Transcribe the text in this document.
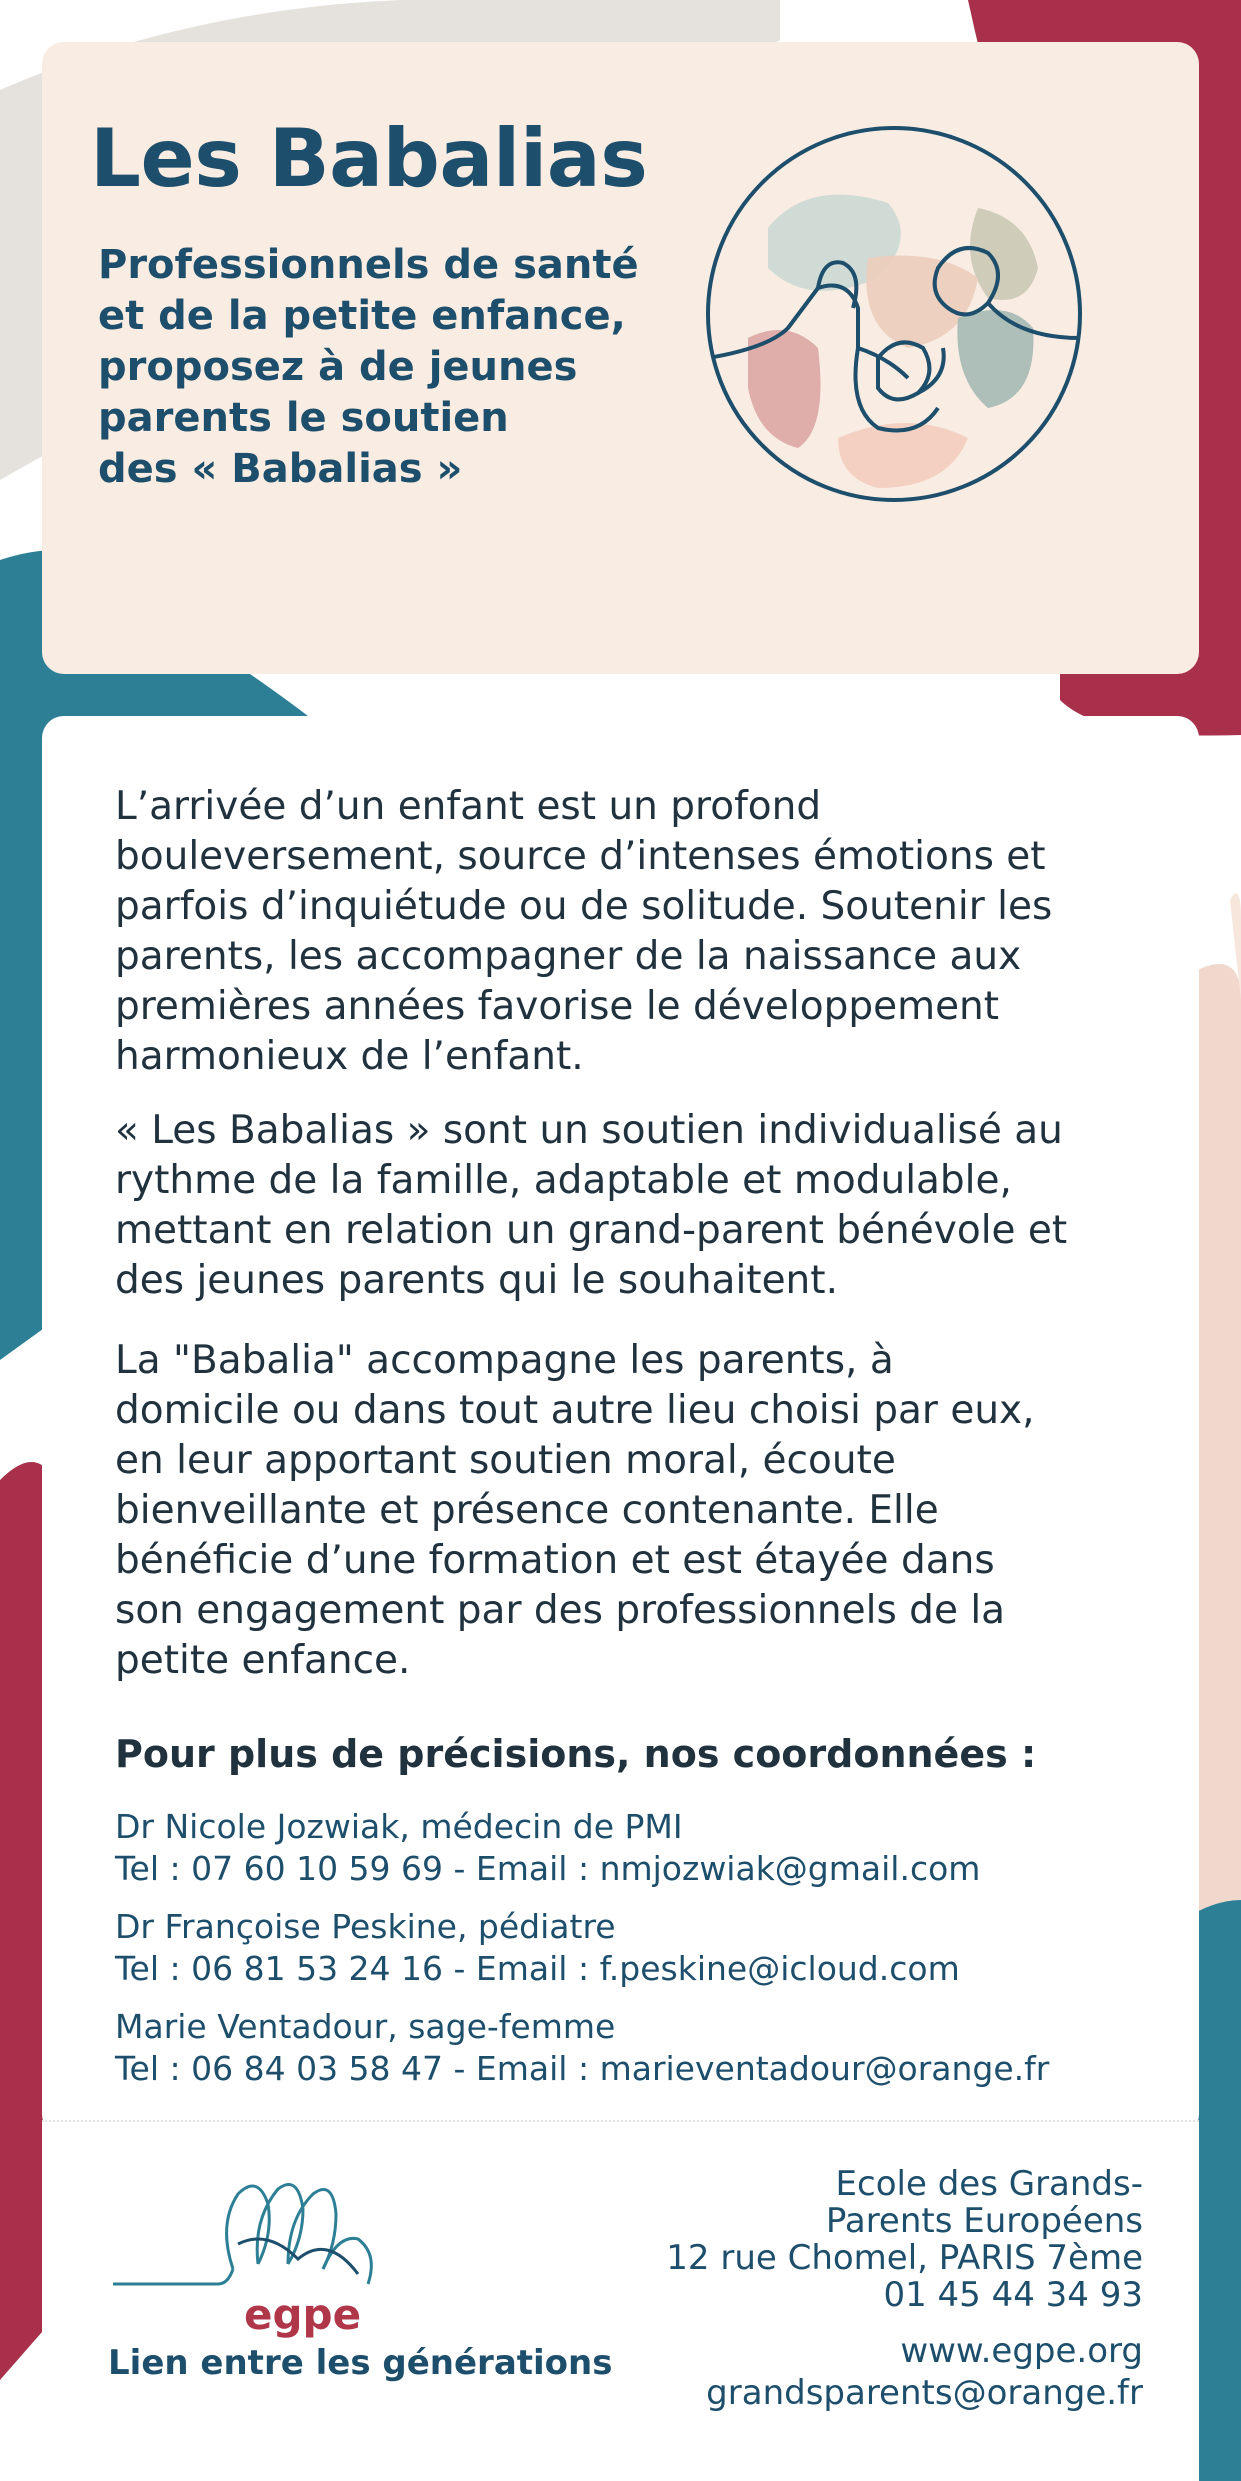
Les Babalias
Professionnels de santé
et de la petite enfance,
proposez à de jeunes
parents le soutien
des « Babalias »
L’arrivée d’un enfant est un profond
bouleversement, source d’intenses émotions et
parfois d’inquiétude ou de solitude. Soutenir les
parents, les accompagner de la naissance aux
premières années favorise le développement
harmonieux de l’enfant.
« Les Babalias » sont un soutien individualisé au
rythme de la famille, adaptable et modulable,
mettant en relation un grand-parent bénévole et
des jeunes parents qui le souhaitent.
La "Babalia" accompagne les parents, à
domicile ou dans tout autre lieu choisi par eux,
en leur apportant soutien moral, écoute
bienveillante et présence contenante. Elle
bénéficie d’une formation et est étayée dans
son engagement par des professionnels de la
petite enfance.

Pour plus de précisions, nos coordonnées :

Dr Nicole Jozwiak, médecin de PMI
Tel : 07 60 10 59 69 - Email : nmjozwiak@gmail.com
Dr Françoise Peskine, pédiatre
Tel : 06 81 53 24 16 - Email : f.peskine@icloud.com
Marie Ventadour, sage-femme
Tel : 06 84 03 58 47 - Email : marieventadour@orange.fr

egpe

Lien entre les générations

Ecole des Grands-
Parents Européens
12 rue Chomel, PARIS 7ème
01 45 44 34 93
www.egpe.org
grandsparents@orange.fr
